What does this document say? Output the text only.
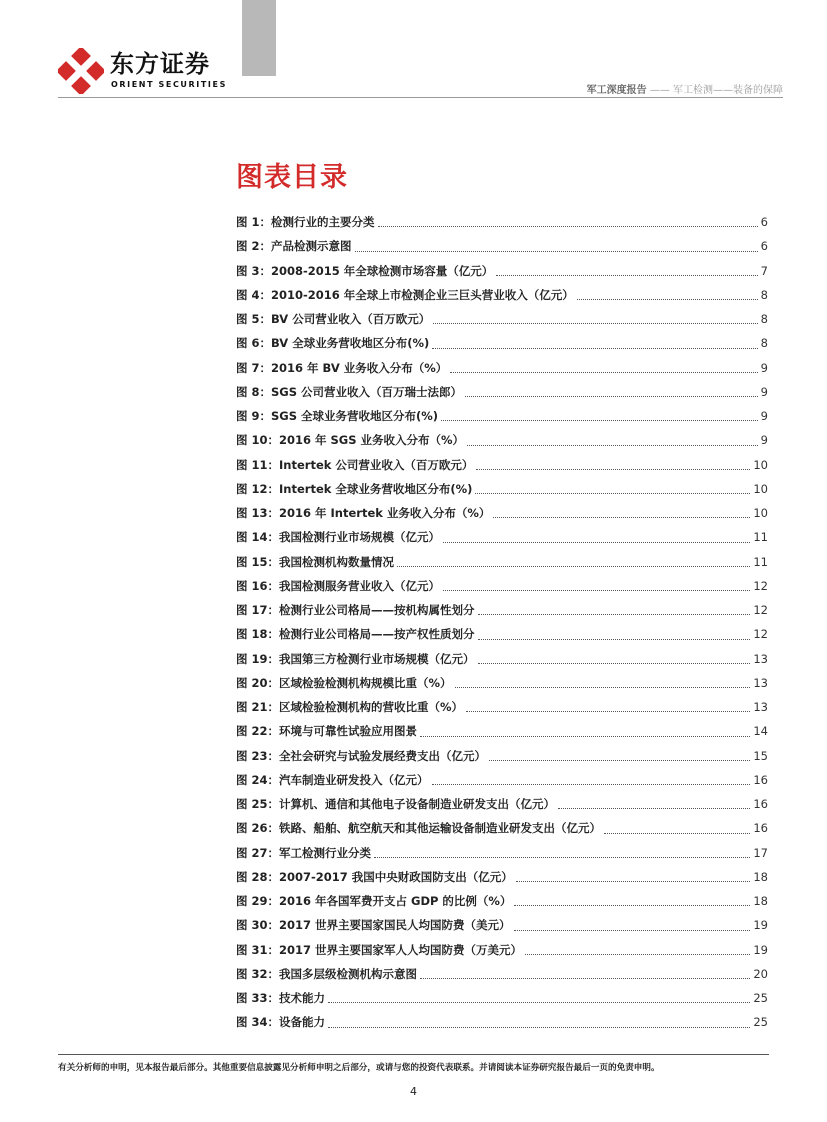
东方证券
ORIENT SECURITIES
军工深度报告 —— 军工检测——装备的保障
图表目录
图 1：检测行业的主要分类	6
图 2：产品检测示意图	6
图 3：2008-2015 年全球检测市场容量（亿元）	7
图 4：2010-2016 年全球上市检测企业三巨头营业收入（亿元）	8
图 5：BV 公司营业收入（百万欧元）	8
图 6：BV 全球业务营收地区分布(%)	8
图 7：2016 年 BV 业务收入分布（%）	9
图 8：SGS 公司营业收入（百万瑞士法郎）	9
图 9：SGS 全球业务营收地区分布(%)	9
图 10：2016 年 SGS 业务收入分布（%）	9
图 11：Intertek 公司营业收入（百万欧元）	10
图 12：Intertek 全球业务营收地区分布(%)	10
图 13：2016 年 Intertek 业务收入分布（%）	10
图 14：我国检测行业市场规模（亿元）	11
图 15：我国检测机构数量情况	11
图 16：我国检测服务营业收入（亿元）	12
图 17：检测行业公司格局——按机构属性划分	12
图 18：检测行业公司格局——按产权性质划分	12
图 19：我国第三方检测行业市场规模（亿元）	13
图 20：区域检验检测机构规模比重（%）	13
图 21：区域检验检测机构的营收比重（%）	13
图 22：环境与可靠性试验应用图景	14
图 23：全社会研究与试验发展经费支出（亿元）	15
图 24：汽车制造业研发投入（亿元）	16
图 25：计算机、通信和其他电子设备制造业研发支出（亿元）	16
图 26：铁路、船舶、航空航天和其他运输设备制造业研发支出（亿元）	16
图 27：军工检测行业分类	17
图 28：2007-2017 我国中央财政国防支出（亿元）	18
图 29：2016 年各国军费开支占 GDP 的比例（%）	18
图 30：2017 世界主要国家国民人均国防费（美元）	19
图 31：2017 世界主要国家军人人均国防费（万美元）	19
图 32：我国多层级检测机构示意图	20
图 33：技术能力	25
图 34：设备能力	25
有关分析师的申明，见本报告最后部分。其他重要信息披露见分析师申明之后部分，或请与您的投资代表联系。并请阅读本证券研究报告最后一页的免责申明。
4
